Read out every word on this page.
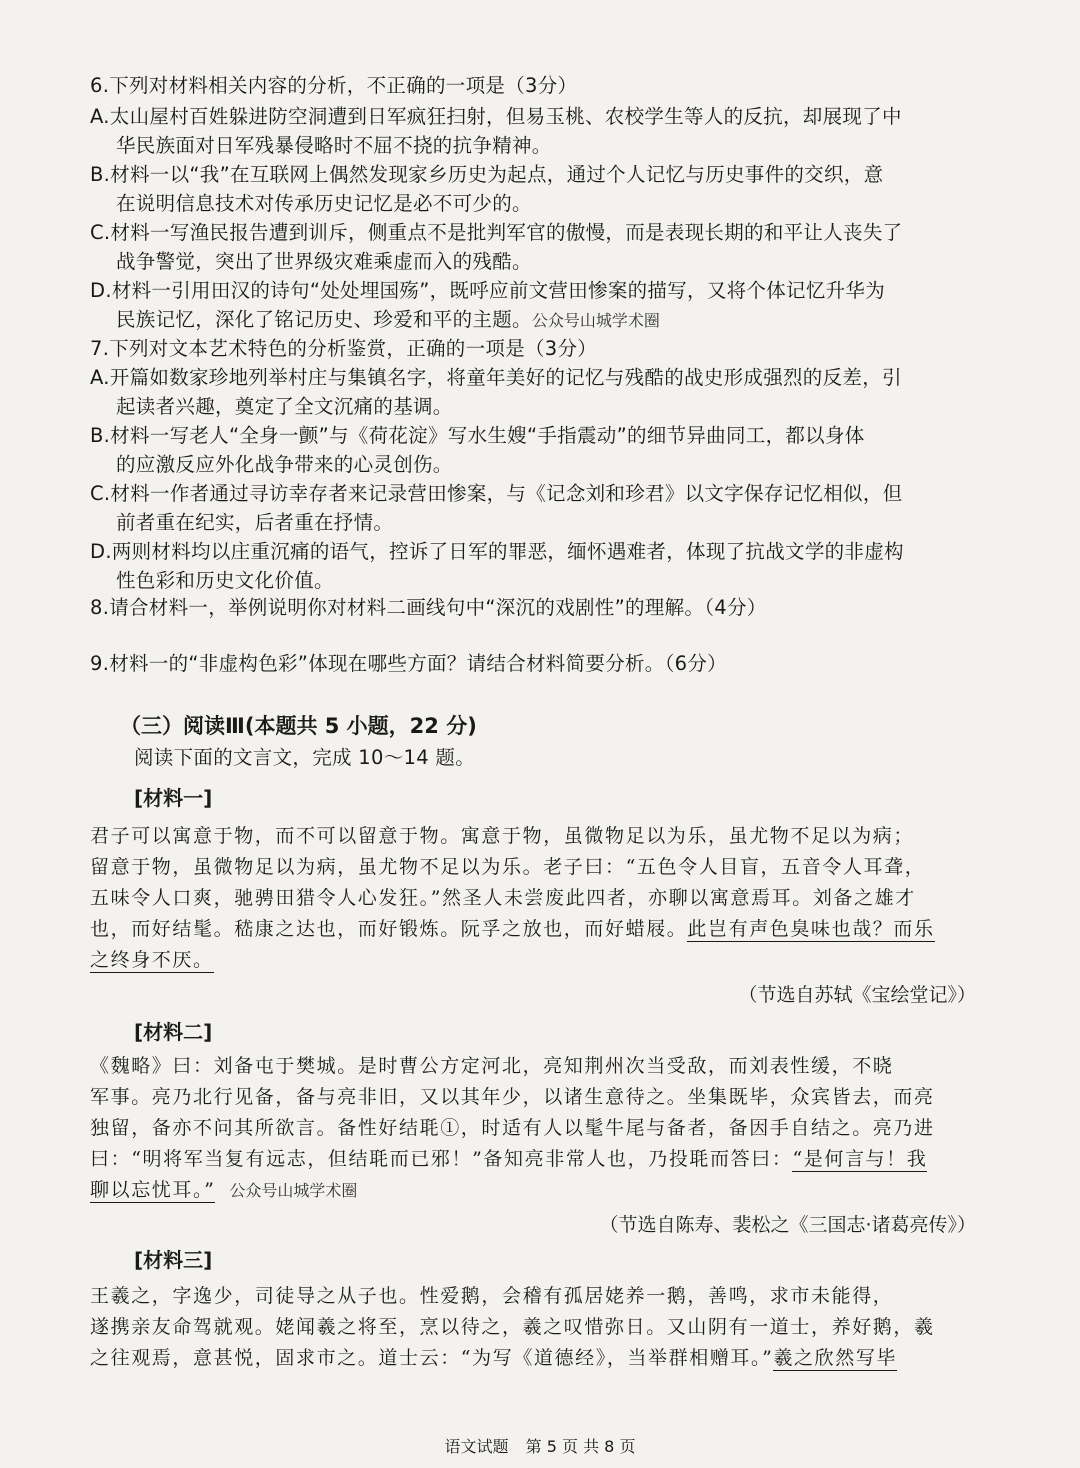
6.下列对材料相关内容的分析，不正确的一项是（3分）
A.太山屋村百姓躲进防空洞遭到日军疯狂扫射，但易玉桃、农校学生等人的反抗，却展现了中
华民族面对日军残暴侵略时不屈不挠的抗争精神。
B.材料一以“我”在互联网上偶然发现家乡历史为起点，通过个人记忆与历史事件的交织，意
在说明信息技术对传承历史记忆是必不可少的。
C.材料一写渔民报告遭到训斥，侧重点不是批判军官的傲慢，而是表现长期的和平让人丧失了
战争警觉，突出了世界级灾难乘虚而入的残酷。
D.材料一引用田汉的诗句“处处埋国殇”，既呼应前文营田惨案的描写，又将个体记忆升华为
民族记忆，深化了铭记历史、珍爱和平的主题。公众号山城学术圈
7.下列对文本艺术特色的分析鉴赏，正确的一项是（3分）
A.开篇如数家珍地列举村庄与集镇名字，将童年美好的记忆与残酷的战史形成强烈的反差，引
起读者兴趣，奠定了全文沉痛的基调。
B.材料一写老人“全身一颤”与《荷花淀》写水生嫂“手指震动”的细节异曲同工，都以身体
的应激反应外化战争带来的心灵创伤。
C.材料一作者通过寻访幸存者来记录营田惨案，与《记念刘和珍君》以文字保存记忆相似，但
前者重在纪实，后者重在抒情。
D.两则材料均以庄重沉痛的语气，控诉了日军的罪恶，缅怀遇难者，体现了抗战文学的非虚构
性色彩和历史文化价值。
8.请合材料一，举例说明你对材料二画线句中“深沉的戏剧性”的理解。（4分）
9.材料一的“非虚构色彩”体现在哪些方面？请结合材料简要分析。（6分）
（三）阅读Ⅲ(本题共 5 小题，22 分)
阅读下面的文言文，完成 10～14 题。
[材料一]
君子可以寓意于物，而不可以留意于物。寓意于物，虽微物足以为乐，虽尤物不足以为病；
留意于物，虽微物足以为病，虽尤物不足以为乐。老子曰：“五色令人目盲，五音令人耳聋，
五味令人口爽，驰骋田猎令人心发狂。”然圣人未尝废此四者，亦聊以寓意焉耳。刘备之雄才
也，而好结髦。嵇康之达也，而好锻炼。阮孚之放也，而好蜡屐。此岂有声色臭味也哉？而乐
之终身不厌。
（节选自苏轼《宝绘堂记》）
[材料二]
《魏略》曰：刘备屯于樊城。是时曹公方定河北，亮知荆州次当受敌，而刘表性缓，不晓
军事。亮乃北行见备，备与亮非旧，又以其年少，以诸生意待之。坐集既毕，众宾皆去，而亮
独留，备亦不问其所欲言。备性好结毦①，时适有人以髦牛尾与备者，备因手自结之。亮乃进
曰：“明将军当复有远志，但结毦而已邪！”备知亮非常人也，乃投毦而答曰：“是何言与！我
聊以忘忧耳。” 公众号山城学术圈
（节选自陈寿、裴松之《三国志·诸葛亮传》）
[材料三]
王羲之，字逸少，司徒导之从子也。性爱鹅，会稽有孤居姥养一鹅，善鸣，求市未能得，
遂携亲友命驾就观。姥闻羲之将至，烹以待之，羲之叹惜弥日。又山阴有一道士，养好鹅，羲
之往观焉，意甚悦，固求市之。道士云：“为写《道德经》，当举群相赠耳。”羲之欣然写毕
语文试题 第 5 页 共 8 页
